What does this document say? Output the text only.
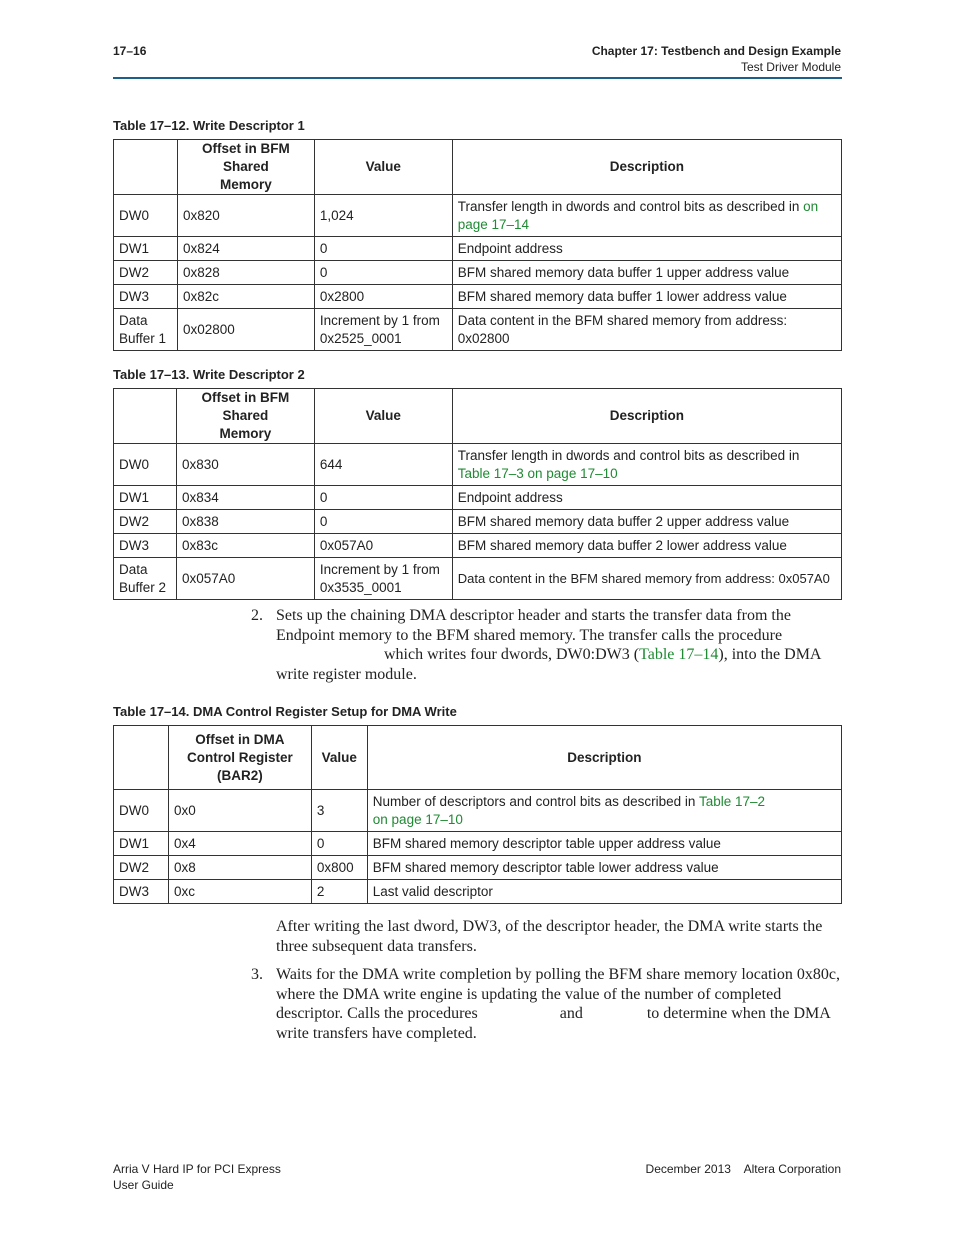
17–16	Chapter 17: Testbench and Design Example
Test Driver Module
Table 17–12. Write Descriptor 1
	Offset in BFM Shared Memory	Value	Description
DW0	0x820	1,024	Transfer length in dwords and control bits as described in on page 17–14
DW1	0x824	0	Endpoint address
DW2	0x828	0	BFM shared memory data buffer 1 upper address value
DW3	0x82c	0x2800	BFM shared memory data buffer 1 lower address value
Data Buffer 1	0x02800	Increment by 1 from 0x2525_0001	Data content in the BFM shared memory from address: 0x02800
Table 17–13. Write Descriptor 2
	Offset in BFM Shared Memory	Value	Description
DW0	0x830	644	Transfer length in dwords and control bits as described in
Table 17–3 on page 17–10
DW1	0x834	0	Endpoint address
DW2	0x838	0	BFM shared memory data buffer 2 upper address value
DW3	0x83c	0x057A0	BFM shared memory data buffer 2 lower address value
Data Buffer 2	0x057A0	Increment by 1 from 0x3535_0001	Data content in the BFM shared memory from address: 0x057A0
2. Sets up the chaining DMA descriptor header and starts the transfer data from the Endpoint memory to the BFM shared memory. The transfer calls the procedure which writes four dwords, DW0:DW3 (Table 17–14), into the DMA write register module.
Table 17–14. DMA Control Register Setup for DMA Write
	Offset in DMA Control Register (BAR2)	Value	Description
DW0	0x0	3	Number of descriptors and control bits as described in Table 17–2 on page 17–10
DW1	0x4	0	BFM shared memory descriptor table upper address value
DW2	0x8	0x800	BFM shared memory descriptor table lower address value
DW3	0xc	2	Last valid descriptor
After writing the last dword, DW3, of the descriptor header, the DMA write starts the three subsequent data transfers.
3. Waits for the DMA write completion by polling the BFM share memory location 0x80c, where the DMA write engine is updating the value of the number of completed descriptor. Calls the procedures	and	to determine when the DMA write transfers have completed.
Arria V Hard IP for PCI Express
User Guide
December 2013    Altera Corporation
